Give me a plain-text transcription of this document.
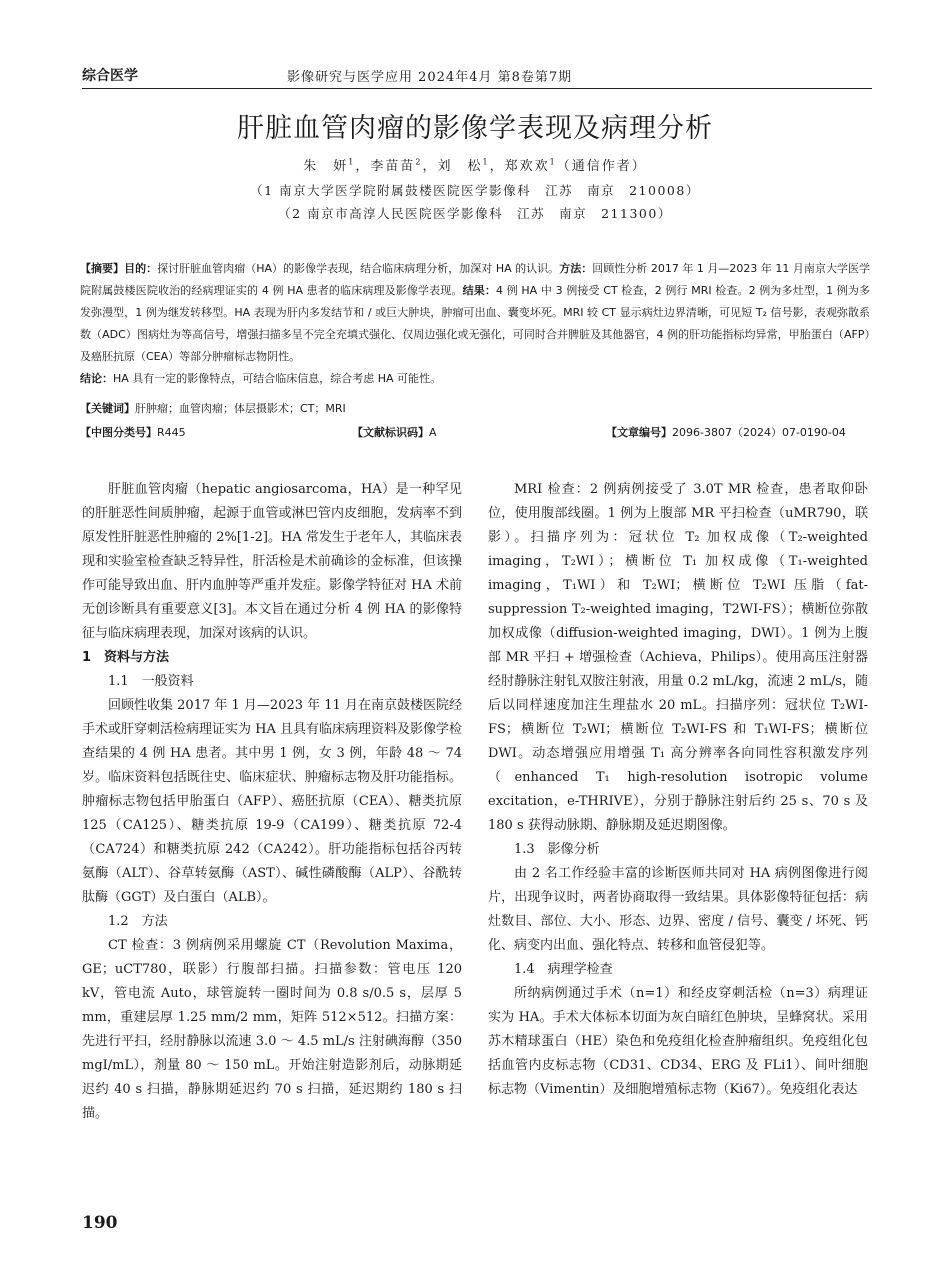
综合医学	影像研究与医学应用 2024年4月 第8卷第7期
肝脏血管肉瘤的影像学表现及病理分析
朱　妍$^1$，李苗苗$^2$，刘　松$^1$，郑欢欢$^1$（通信作者）
（1 南京大学医学院附属鼓楼医院医学影像科　江苏　南京　210008）
（2 南京市高淳人民医院医学影像科　江苏　南京　211300）

【摘要】目的：探讨肝脏血管肉瘤（HA）的影像学表现，结合临床病理分析，加深对 HA 的认识。方法：回顾性分析 2017 年 1 月—2023 年 11 月南京大学医学院附属鼓楼医院收治的经病理证实的 4 例 HA 患者的临床病理及影像学表现。结果：4 例 HA 中 3 例接受 CT 检查，2 例行 MRI 检查。2 例为多灶型，1 例为多发弥漫型，1 例为继发转移型。HA 表现为肝内多发结节和 / 或巨大肿块，肿瘤可出血、囊变坏死。MRI 较 CT 显示病灶边界清晰，可见短 T₂ 信号影，表观弥散系数（ADC）图病灶为等高信号，增强扫描多呈不完全充填式强化、仅周边强化或无强化，可同时合并脾脏及其他器官，4 例的肝功能指标均异常，甲胎蛋白（AFP）及癌胚抗原（CEA）等部分肿瘤标志物阴性。

结论：HA 具有一定的影像特点，可结合临床信息，综合考虑 HA 可能性。

【关键词】肝肿瘤；血管肉瘤；体层摄影术；CT；MRI
【中图分类号】R445	【文献标识码】A	【文章编号】2096-3807（2024）07-0190-04

肝脏血管肉瘤（hepatic angiosarcoma，HA）是一种罕见的肝脏恶性间质肿瘤，起源于血管或淋巴管内皮细胞，发病率不到原发性肝脏恶性肿瘤的 2%[1-2]。HA 常发生于老年人，其临床表现和实验室检查缺乏特异性，肝活检是术前确诊的金标准，但该操作可能导致出血、肝内血肿等严重并发症。影像学特征对 HA 术前无创诊断具有重要意义[3]。本文旨在通过分析 4 例 HA 的影像特征与临床病理表现，加深对该病的认识。

1　资料与方法
1.1　一般资料

回顾性收集 2017 年 1 月—2023 年 11 月在南京鼓楼医院经手术或肝穿刺活检病理证实为 HA 且具有临床病理资料及影像学检查结果的 4 例 HA 患者。其中男 1 例，女 3 例，年龄 48 ～ 74 岁。临床资料包括既往史、临床症状、肿瘤标志物及肝功能指标。肿瘤标志物包括甲胎蛋白（AFP）、癌胚抗原（CEA）、糖类抗原 125（CA125）、糖类抗原 19-9（CA199）、糖类抗原 72-4（CA724）和糖类抗原 242（CA242）。肝功能指标包括谷丙转氨酶（ALT）、谷草转氨酶（AST）、碱性磷酸酶（ALP）、谷酰转肽酶（GGT）及白蛋白（ALB）。

1.2　方法

CT 检查：3 例病例采用螺旋 CT（Revolution Maxima，GE；uCT780，联影）行腹部扫描。扫描参数：管电压 120 kV，管电流 Auto，球管旋转一圈时间为 0.8 s/0.5 s，层厚 5 mm，重建层厚 1.25 mm/2 mm，矩阵 512×512。扫描方案：先进行平扫，经肘静脉以流速 3.0 ～ 4.5 mL/s 注射碘海醇（350 mgI/mL），剂量 80 ～ 150 mL。开始注射造影剂后，动脉期延迟约 40 s 扫描，静脉期延迟约 70 s 扫描，延迟期约 180 s 扫描。

MRI 检查：2 例病例接受了 3.0T MR 检查，患者取仰卧位，使用腹部线圈。1 例为上腹部 MR 平扫检查（uMR790，联影）。扫描序列为：冠状位 T₂ 加权成像（T₂-weighted imaging，T₂WI）；横断位 T₁ 加权成像（T₁-weighted imaging，T₁WI）和 T₂WI；横断位 T₂WI 压脂（fat-suppression T₂-weighted imaging，T2WI-FS）；横断位弥散加权成像（diffusion-weighted imaging，DWI）。1 例为上腹部 MR 平扫 + 增强检查（Achieva，Philips）。使用高压注射器经肘静脉注射钆双胺注射液，用量 0.2 mL/kg，流速 2 mL/s，随后以同样速度加注生理盐水 20 mL。扫描序列：冠状位 T₂WI-FS；横断位 T₂WI；横断位 T₂WI-FS 和 T₁WI-FS；横断位 DWI。动态增强应用增强 T₁ 高分辨率各向同性容积激发序列（enhanced T₁ high-resolution isotropic volume excitation，e-THRIVE），分别于静脉注射后约 25 s、70 s 及 180 s 获得动脉期、静脉期及延迟期图像。

1.3　影像分析

由 2 名工作经验丰富的诊断医师共同对 HA 病例图像进行阅片，出现争议时，两者协商取得一致结果。具体影像特征包括：病灶数目、部位、大小、形态、边界、密度 / 信号、囊变 / 坏死、钙化、病变内出血、强化特点、转移和血管侵犯等。

1.4　病理学检查

所纳病例通过手术（n=1）和经皮穿刺活检（n=3）病理证实为 HA。手术大体标本切面为灰白暗红色肿块，呈蜂窝状。采用苏木精球蛋白（HE）染色和免疫组化检查肿瘤组织。免疫组化包括血管内皮标志物（CD31、CD34、ERG 及 FLi1）、间叶细胞标志物（Vimentin）及细胞增殖标志物（Ki67）。免疫组化表达

190
